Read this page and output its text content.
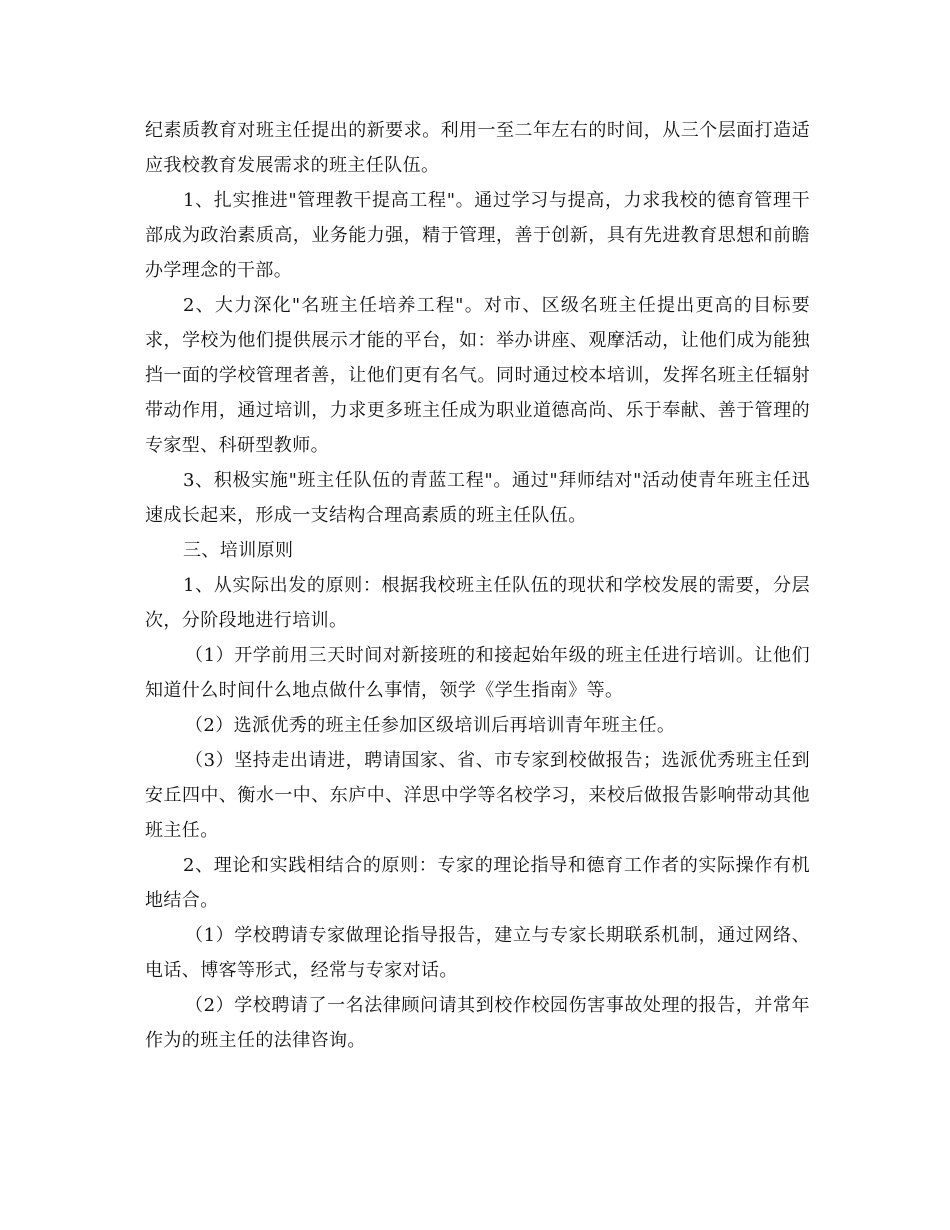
纪素质教育对班主任提出的新要求。利用一至二年左右的时间，从三个层面打造适应我校教育发展需求的班主任队伍。

1、扎实推进"管理教干提高工程"。通过学习与提高，力求我校的德育管理干部成为政治素质高，业务能力强，精于管理，善于创新，具有先进教育思想和前瞻办学理念的干部。

2、大力深化"名班主任培养工程"。对市、区级名班主任提出更高的目标要求，学校为他们提供展示才能的平台，如：举办讲座、观摩活动，让他们成为能独挡一面的学校管理者善，让他们更有名气。同时通过校本培训，发挥名班主任辐射带动作用，通过培训，力求更多班主任成为职业道德高尚、乐于奉献、善于管理的专家型、科研型教师。

3、积极实施"班主任队伍的青蓝工程"。通过"拜师结对"活动使青年班主任迅速成长起来，形成一支结构合理高素质的班主任队伍。

三、培训原则

1、从实际出发的原则：根据我校班主任队伍的现状和学校发展的需要，分层次，分阶段地进行培训。

（1）开学前用三天时间对新接班的和接起始年级的班主任进行培训。让他们知道什么时间什么地点做什么事情，领学《学生指南》等。

（2）选派优秀的班主任参加区级培训后再培训青年班主任。

（3）坚持走出请进，聘请国家、省、市专家到校做报告；选派优秀班主任到安丘四中、衡水一中、东庐中、洋思中学等名校学习，来校后做报告影响带动其他班主任。

2、理论和实践相结合的原则：专家的理论指导和德育工作者的实际操作有机地结合。

（1）学校聘请专家做理论指导报告，建立与专家长期联系机制，通过网络、电话、博客等形式，经常与专家对话。

（2）学校聘请了一名法律顾问请其到校作校园伤害事故处理的报告，并常年作为的班主任的法律咨询。
